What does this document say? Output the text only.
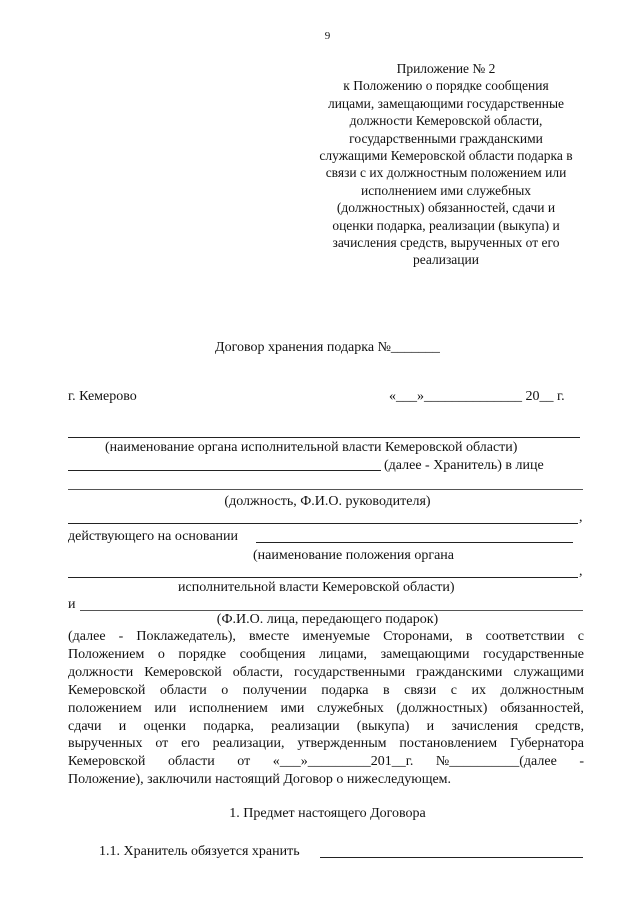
9
Приложение № 2
к Положению о порядке сообщения
лицами, замещающими государственные
должности Кемеровской области,
государственными гражданскими
служащими Кемеровской области подарка в
связи с их должностным положением или
исполнением ими служебных
(должностных) обязанностей, сдачи и
оценки подарка, реализации (выкупа) и
зачисления средств, вырученных от его
реализации
Договор хранения подарка №_______
г. Кемерово	«___»______________ 20__ г.
(наименование органа исполнительной власти Кемеровской области)
(далее - Хранитель) в лице
(должность, Ф.И.О. руководителя)
,
действующего на основании
(наименование положения органа
,
исполнительной власти Кемеровской области)
и
(Ф.И.О. лица, передающего подарок)
(далее - Поклажедатель), вместе именуемые Сторонами, в соответствии с
Положением о порядке сообщения лицами, замещающими государственные
должности Кемеровской области, государственными гражданскими служащими
Кемеровской области о получении подарка в связи с их должностным
положением или исполнением ими служебных (должностных) обязанностей,
сдачи и оценки подарка, реализации (выкупа) и зачисления средств,
вырученных от его реализации, утвержденным постановлением Губернатора
Кемеровской области от «___»_________201__г. №__________(далее -
Положение), заключили настоящий Договор о нижеследующем.
1. Предмет настоящего Договора
1.1. Хранитель обязуется хранить
